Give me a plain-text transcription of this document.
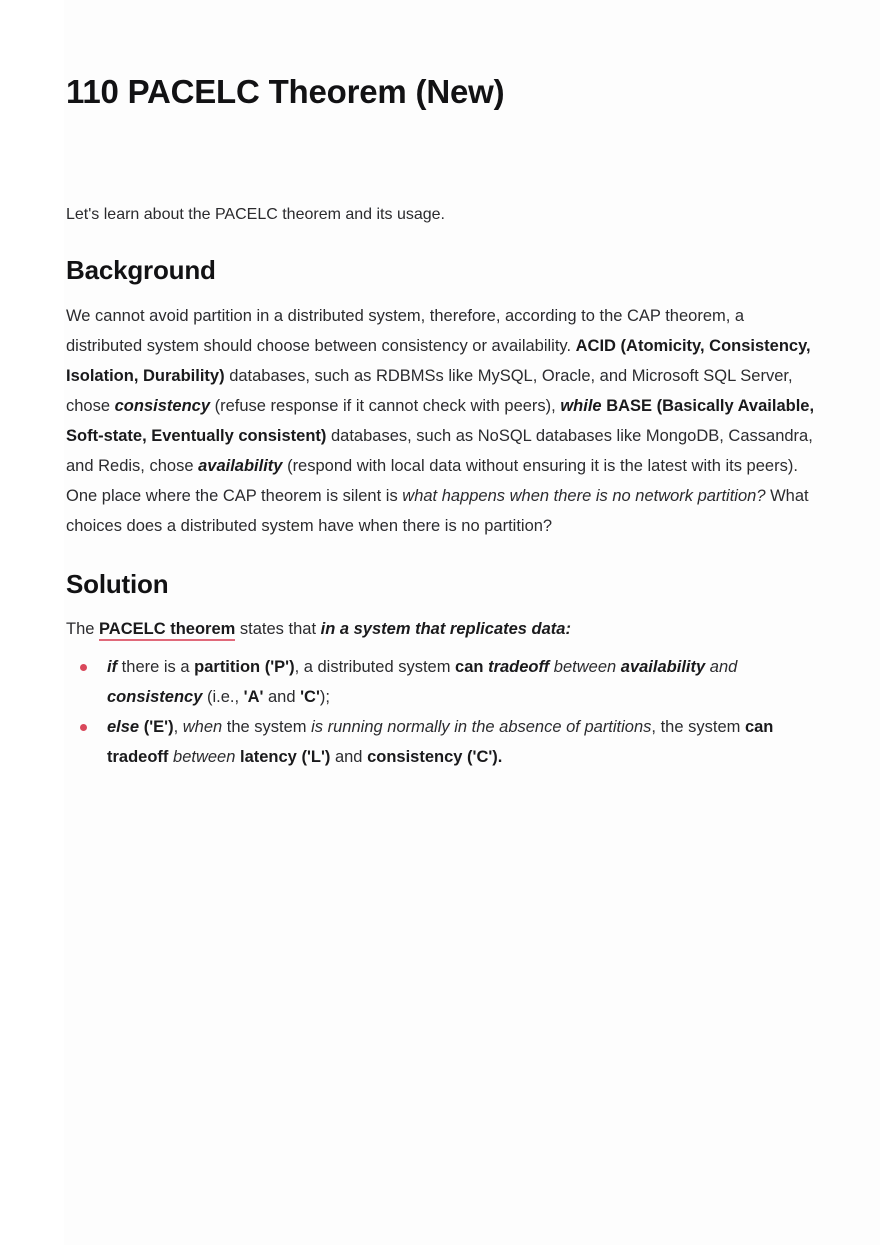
110 PACELC Theorem (New)

Let's learn about the PACELC theorem and its usage.

Background

We cannot avoid partition in a distributed system, therefore, according to the CAP theorem, a distributed system should choose between consistency or availability. ACID (Atomicity, Consistency, Isolation, Durability) databases, such as RDBMSs like MySQL, Oracle, and Microsoft SQL Server, chose consistency (refuse response if it cannot check with peers), while BASE (Basically Available, Soft-state, Eventually consistent) databases, such as NoSQL databases like MongoDB, Cassandra, and Redis, chose availability (respond with local data without ensuring it is the latest with its peers).

One place where the CAP theorem is silent is what happens when there is no network partition? What choices does a distributed system have when there is no partition?

Solution

The PACELC theorem states that in a system that replicates data:

if there is a partition ('P'), a distributed system can tradeoff between availability and consistency (i.e., 'A' and 'C');
else ('E'), when the system is running normally in the absence of partitions, the system can tradeoff between latency ('L') and consistency ('C').
